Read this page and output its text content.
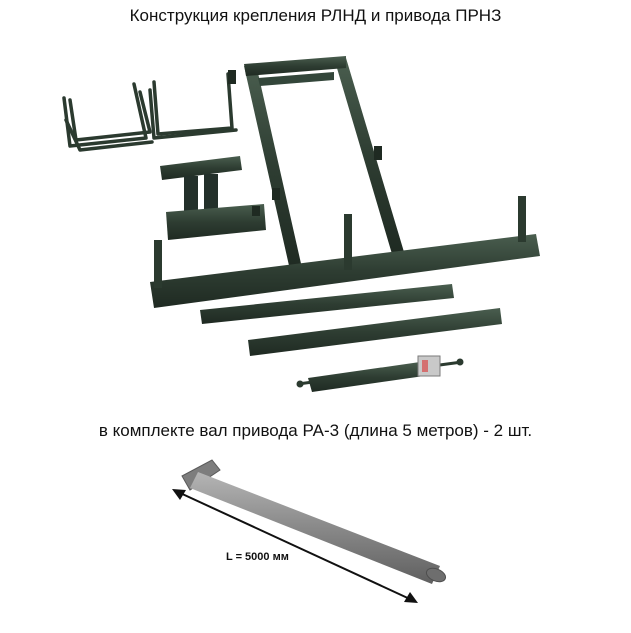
Конструкция крепления РЛНД и привода ПРНЗ
L = 5000 мм
в комплекте вал привода РА-3 (длина 5 метров) - 2 шт.
